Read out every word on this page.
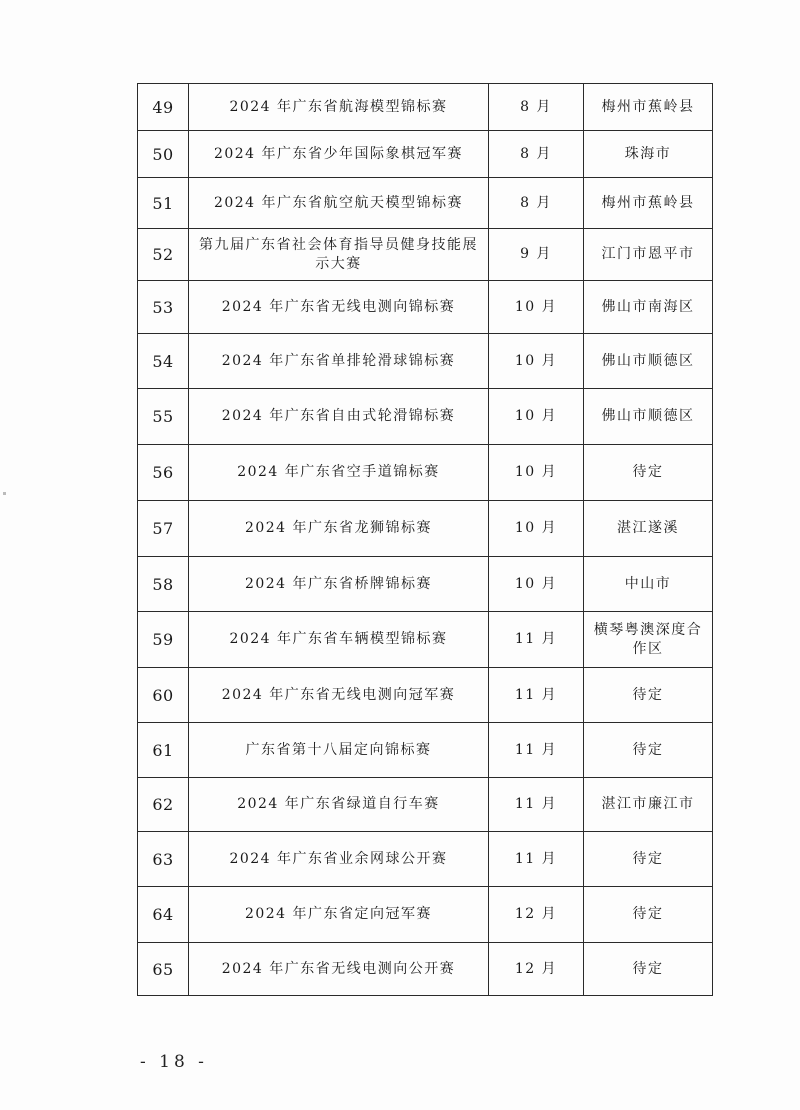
49	2024 年广东省航海模型锦标赛	8 月	梅州市蕉岭县
50	2024 年广东省少年国际象棋冠军赛	8 月	珠海市
51	2024 年广东省航空航天模型锦标赛	8 月	梅州市蕉岭县
52	第九届广东省社会体育指导员健身技能展示大赛	9 月	江门市恩平市
53	2024 年广东省无线电测向锦标赛	10 月	佛山市南海区
54	2024 年广东省单排轮滑球锦标赛	10 月	佛山市顺德区
55	2024 年广东省自由式轮滑锦标赛	10 月	佛山市顺德区
56	2024 年广东省空手道锦标赛	10 月	待定
57	2024 年广东省龙狮锦标赛	10 月	湛江遂溪
58	2024 年广东省桥牌锦标赛	10 月	中山市
59	2024 年广东省车辆模型锦标赛	11 月	横琴粤澳深度合作区
60	2024 年广东省无线电测向冠军赛	11 月	待定
61	广东省第十八届定向锦标赛	11 月	待定
62	2024 年广东省绿道自行车赛	11 月	湛江市廉江市
63	2024 年广东省业余网球公开赛	11 月	待定
64	2024 年广东省定向冠军赛	12 月	待定
65	2024 年广东省无线电测向公开赛	12 月	待定
- 18 -
